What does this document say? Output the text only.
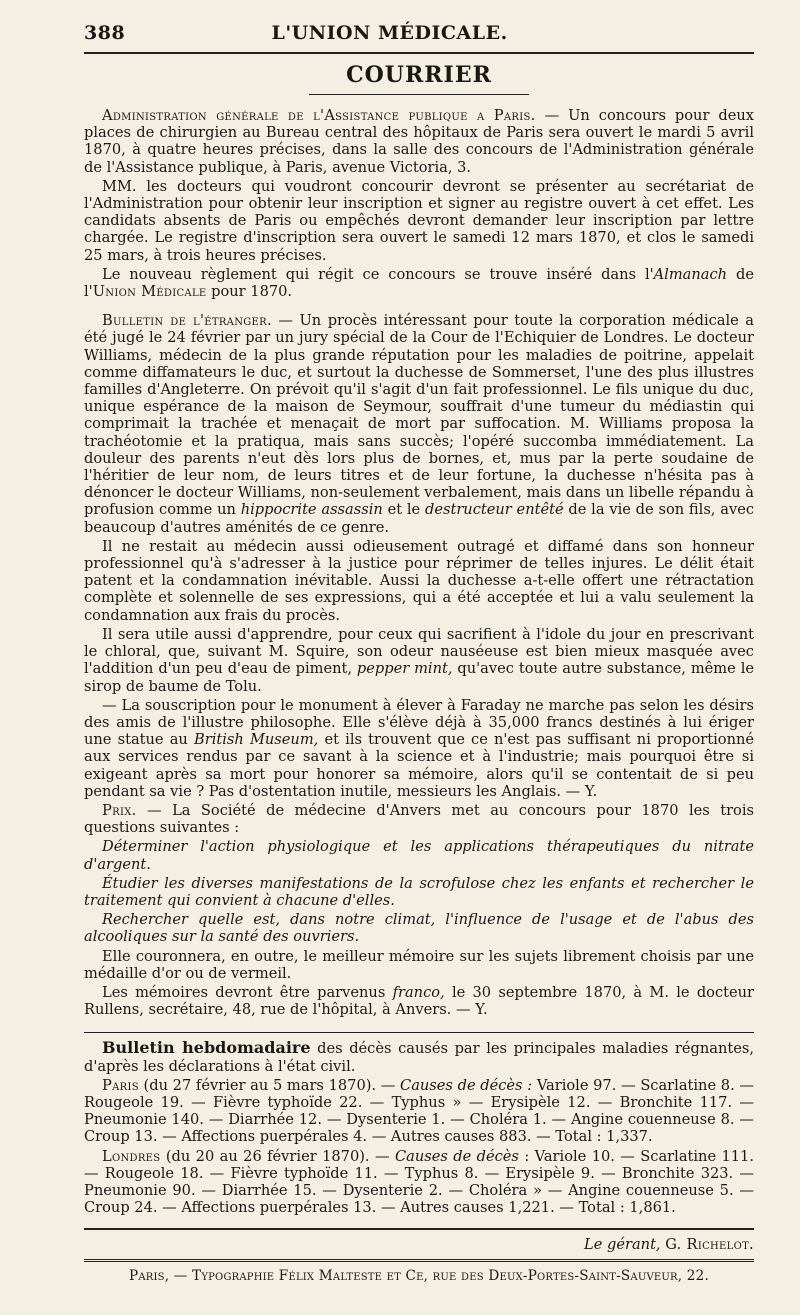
388	L'UNION MÉDICALE.
COURRIER

Administration générale de l'Assistance publique a Paris. — Un concours pour deux places de chirurgien au Bureau central des hôpitaux de Paris sera ouvert le mardi 5 avril 1870, à quatre heures précises, dans la salle des concours de l'Administration générale de l'Assistance publique, à Paris, avenue Victoria, 3.

MM. les docteurs qui voudront concourir devront se présenter au secrétariat de l'Administration pour obtenir leur inscription et signer au registre ouvert à cet effet. Les candidats absents de Paris ou empêchés devront demander leur inscription par lettre chargée. Le registre d'inscription sera ouvert le samedi 12 mars 1870, et clos le samedi 25 mars, à trois heures précises.

Le nouveau règlement qui régit ce concours se trouve inséré dans l'Almanach de l'Union Médicale pour 1870.

Bulletin de l'étranger. — Un procès intéressant pour toute la corporation médicale a été jugé le 24 février par un jury spécial de la Cour de l'Echiquier de Londres. Le docteur Williams, médecin de la plus grande réputation pour les maladies de poitrine, appelait comme diffamateurs le duc, et surtout la duchesse de Sommerset, l'une des plus illustres familles d'Angleterre. On prévoit qu'il s'agit d'un fait professionnel. Le fils unique du duc, unique espérance de la maison de Seymour, souffrait d'une tumeur du médiastin qui comprimait la trachée et menaçait de mort par suffocation. M. Williams proposa la trachéotomie et la pratiqua, mais sans succès; l'opéré succomba immédiatement. La douleur des parents n'eut dès lors plus de bornes, et, mus par la perte soudaine de l'héritier de leur nom, de leurs titres et de leur fortune, la duchesse n'hésita pas à dénoncer le docteur Williams, non-seulement verbalement, mais dans un libelle répandu à profusion comme un hippocrite assassin et le destructeur entêté de la vie de son fils, avec beaucoup d'autres aménités de ce genre.

Il ne restait au médecin aussi odieusement outragé et diffamé dans son honneur professionnel qu'à s'adresser à la justice pour réprimer de telles injures. Le délit était patent et la condamnation inévitable. Aussi la duchesse a-t-elle offert une rétractation complète et solennelle de ses expressions, qui a été acceptée et lui a valu seulement la condamnation aux frais du procès.

Il sera utile aussi d'apprendre, pour ceux qui sacrifient à l'idole du jour en prescrivant le chloral, que, suivant M. Squire, son odeur nauséeuse est bien mieux masquée avec l'addition d'un peu d'eau de piment, pepper mint, qu'avec toute autre substance, même le sirop de baume de Tolu.

— La souscription pour le monument à élever à Faraday ne marche pas selon les désirs des amis de l'illustre philosophe. Elle s'élève déjà à 35,000 francs destinés à lui ériger une statue au British Museum, et ils trouvent que ce n'est pas suffisant ni proportionné aux services rendus par ce savant à la science et à l'industrie; mais pourquoi être si exigeant après sa mort pour honorer sa mémoire, alors qu'il se contentait de si peu pendant sa vie ? Pas d'ostentation inutile, messieurs les Anglais. — Y.

Prix. — La Société de médecine d'Anvers met au concours pour 1870 les trois questions suivantes :

Déterminer l'action physiologique et les applications thérapeutiques du nitrate d'argent.

Étudier les diverses manifestations de la scrofulose chez les enfants et rechercher le traitement qui convient à chacune d'elles.

Rechercher quelle est, dans notre climat, l'influence de l'usage et de l'abus des alcooliques sur la santé des ouvriers.

Elle couronnera, en outre, le meilleur mémoire sur les sujets librement choisis par une médaille d'or ou de vermeil.

Les mémoires devront être parvenus franco, le 30 septembre 1870, à M. le docteur Rullens, secrétaire, 48, rue de l'hôpital, à Anvers. — Y.

Bulletin hebdomadaire des décès causés par les principales maladies régnantes, d'après les déclarations à l'état civil.

Paris (du 27 février au 5 mars 1870). — Causes de décès : Variole 97. — Scarlatine 8. — Rougeole 19. — Fièvre typhoïde 22. — Typhus » — Erysipèle 12. — Bronchite 117. — Pneumonie 140. — Diarrhée 12. — Dysenterie 1. — Choléra 1. — Angine couenneuse 8. — Croup 13. — Affections puerpérales 4. — Autres causes 883. — Total : 1,337.

Londres (du 20 au 26 février 1870). — Causes de décès : Variole 10. — Scarlatine 111. — Rougeole 18. — Fièvre typhoïde 11. — Typhus 8. — Erysipèle 9. — Bronchite 323. — Pneumonie 90. — Diarrhée 15. — Dysenterie 2. — Choléra » — Angine couenneuse 5. — Croup 24. — Affections puerpérales 13. — Autres causes 1,221. — Total : 1,861.

Le gérant, G. Richelot.
Paris, — Typographie Félix Malteste et Ce, rue des Deux-Portes-Saint-Sauveur, 22.
